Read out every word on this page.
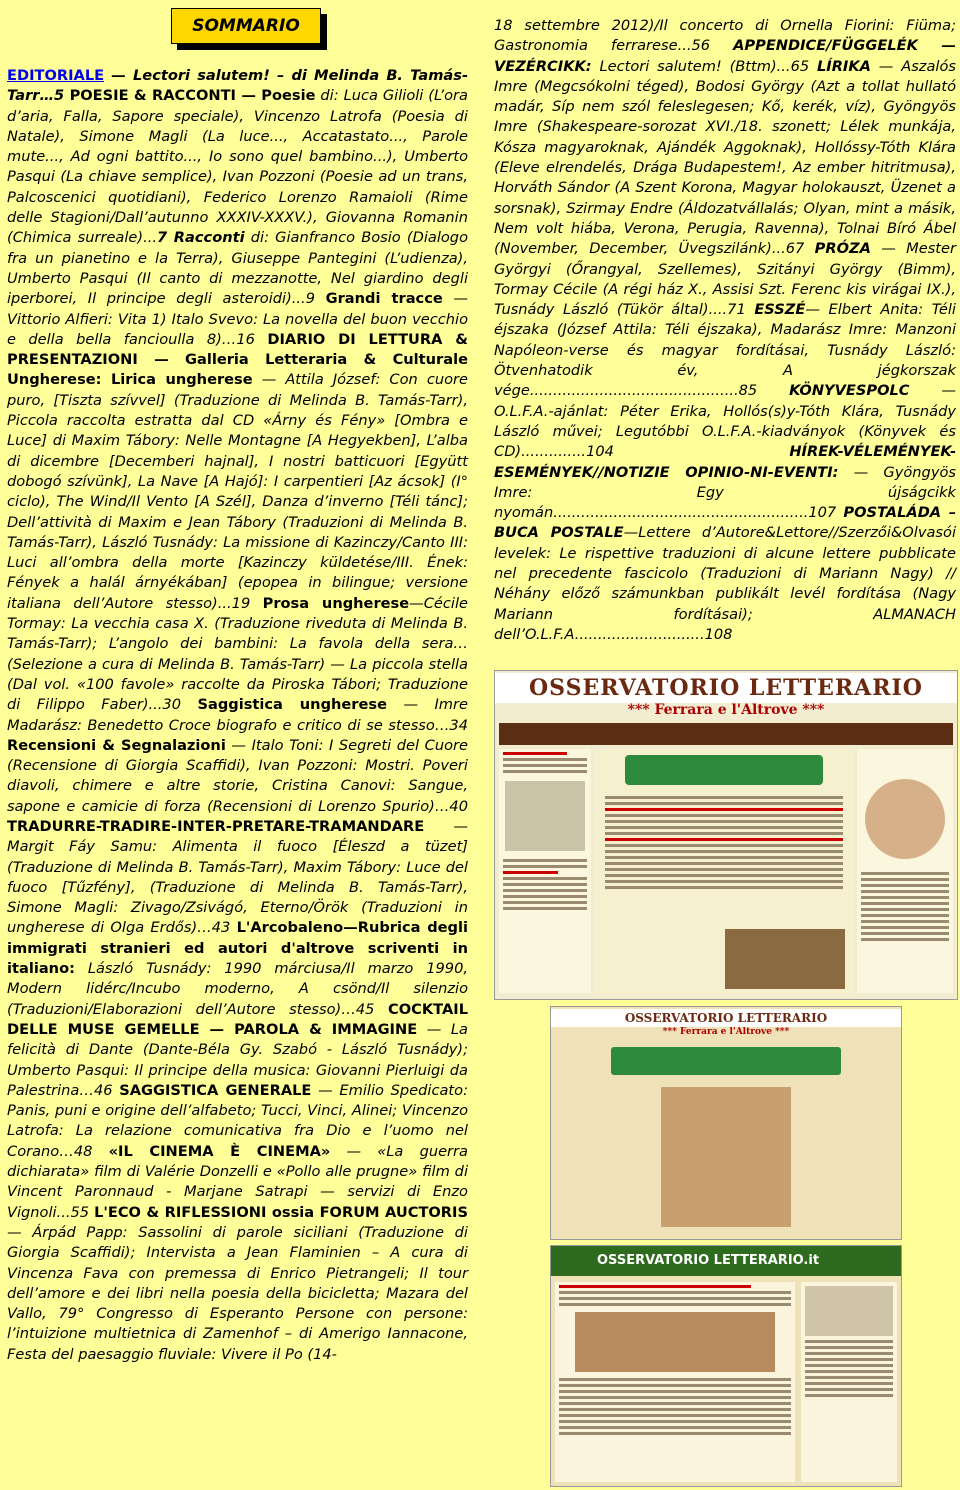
SOMMARIO
EDITORIALE — Lectori salutem! – di Melinda B. Tamás-Tarr…5 POESIE & RACCONTI — Poesie di: Luca Gilioli (L’ora d’aria, Falla, Sapore speciale), Vincenzo Latrofa (Poesia di Natale), Simone Magli (La luce..., Accatastato..., Parole mute..., Ad ogni battito..., Io sono quel bambino...), Umberto Pasqui (La chiave semplice), Ivan Pozzoni (Poesie ad un trans, Palcoscenici quotidiani), Federico Lorenzo Ramaioli (Rime delle Stagioni/Dall’autunno XXXIV-XXXV.), Giovanna Romanin (Chimica surreale)...7 Racconti di: Gianfranco Bosio (Dialogo fra un pianetino e la Terra), Giuseppe Pantegini (L’udienza), Umberto Pasqui (Il canto di mezzanotte, Nel giardino degli iperborei, Il principe degli asteroidi)...9 Grandi tracce — Vittorio Alfieri: Vita 1) Italo Svevo: La novella del buon vecchio e della bella fancioulla 8)…16 DIARIO DI LETTURA & PRESENTAZIONI — Galleria Letteraria & Culturale Ungherese: Lirica ungherese — Attila József: Con cuore puro, [Tiszta szívvel] (Traduzione di Melinda B. Tamás-Tarr), Piccola raccolta estratta dal CD «Árny és Fény» [Ombra e Luce] di Maxim Tábory: Nelle Montagne [A Hegyekben], L’alba di dicembre [Decemberi hajnal], I nostri batticuori [Együtt dobogó szívünk], La Nave [A Hajó]: I carpentieri [Az ácsok] (I° ciclo), The Wind/Il Vento [A Szél], Danza d’inverno [Téli tánc]; Dell’attività di Maxim e Jean Tábory (Traduzioni di Melinda B. Tamás-Tarr), László Tusnády: La missione di Kazinczy/Canto III: Luci all’ombra della morte [Kazinczy küldetése/III. Ének: Fények a halál árnyékában] (epopea in bilingue; versione italiana dell’Autore stesso)...19 Prosa ungherese—Cécile Tormay: La vecchia casa X. (Traduzione riveduta di Melinda B. Tamás-Tarr); L’angolo dei bambini: La favola della sera…(Selezione a cura di Melinda B. Tamás-Tarr) — La piccola stella (Dal vol. «100 favole» raccolte da Piroska Tábori; Traduzione di Filippo Faber)...30 Saggistica ungherese — Imre Madarász: Benedetto Croce biografo e critico di se stesso…34 Recensioni & Segnalazioni — Italo Toni: I Segreti del Cuore (Recensione di Giorgia Scaffidi), Ivan Pozzoni: Mostri. Poveri diavoli, chimere e altre storie, Cristina Canovi: Sangue, sapone e camicie di forza (Recensioni di Lorenzo Spurio)…40 TRADURRE-TRADIRE-INTER-PRETARE-TRAMANDARE — Margit Fáy Samu: Alimenta il fuoco [Éleszd a tüzet] (Traduzione di Melinda B. Tamás-Tarr), Maxim Tábory: Luce del fuoco [Tűzfény], (Traduzione di Melinda B. Tamás-Tarr), Simone Magli: Zivago/Zsivágó, Eterno/Örök (Traduzioni in ungherese di Olga Erdős)…43 L'Arcobaleno—Rubrica degli immigrati stranieri ed autori d'altrove scriventi in italiano: László Tusnády: 1990 márciusa/Il marzo 1990, Modern lidérc/Incubo moderno, A csönd/Il silenzio (Traduzioni/Elaborazioni dell’Autore stesso)…45 COCKTAIL DELLE MUSE GEMELLE — PAROLA & IMMAGINE — La felicità di Dante (Dante-Béla Gy. Szabó - László Tusnády); Umberto Pasqui: Il principe della musica: Giovanni Pierluigi da Palestrina…46 SAGGISTICA GENERALE — Emilio Spedicato: Panis, puni e origine dell’alfabeto; Tucci, Vinci, Alinei; Vincenzo Latrofa: La relazione comunicativa fra Dio e l’uomo nel Corano…48 «IL CINEMA È CINEMA» — «La guerra dichiarata» film di Valérie Donzelli e «Pollo alle prugne» film di Vincent Paronnaud - Marjane Satrapi — servizi di Enzo Vignoli...55 L'ECO & RIFLESSIONI ossia FORUM AUCTORIS — Árpád Papp: Sassolini di parole siciliani (Traduzione di Giorgia Scaffidi); Intervista a Jean Flaminien – A cura di Vincenza Fava con premessa di Enrico Pietrangeli; Il tour dell’amore e dei libri nella poesia della bicicletta; Mazara del Vallo, 79° Congresso di Esperanto Persone con persone: l’intuizione multietnica di Zamenhof – di Amerigo Iannacone, Festa del paesaggio fluviale: Vivere il Po (14-
18 settembre 2012)/Il concerto di Ornella Fiorini: Fiüma; Gastronomia ferrarese...56 APPENDICE/FÜGGELÉK — VEZÉRCIKK: Lectori salutem! (Bttm)...65 LÍRIKA — Aszalós Imre (Megcsókolni téged), Bodosi György (Azt a tollat hullató madár, Síp nem szól feleslegesen; Kő, kerék, víz), Gyöngyös Imre (Shakespeare-sorozat XVI./18. szonett; Lélek munkája, Kósza magyaroknak, Ajándék Aggoknak), Hollóssy-Tóth Klára (Eleve elrendelés, Drága Budapestem!, Az ember hitritmusa), Horváth Sándor (A Szent Korona, Magyar holokauszt, Üzenet a sorsnak), Szirmay Endre (Áldozatvállalás; Olyan, mint a másik, Nem volt hiába, Verona, Perugia, Ravenna), Tolnai Bíró Ábel (November, December, Üvegszilánk)...67 PRÓZA — Mester Györgyi (Őrangyal, Szellemes), Szitányi György (Bimm), Tormay Cécile (A régi ház X., Assisi Szt. Ferenc kis virágai IX.), Tusnády László (Tükör által)....71 ESSZÉ— Elbert Anita: Téli éjszaka (József Attila: Téli éjszaka), Madarász Imre: Manzoni Napóleon-verse és magyar fordításai, Tusnády László: Ötvenhatodik év, A jégkorszak vége.............................................85 KÖNYVESPOLC — O.L.F.A.-ajánlat: Péter Erika, Hollós(s)y-Tóth Klára, Tusnády László művei; Legutóbbi O.L.F.A.-kiadványok (Könyvek és CD)..............104 HÍREK-VÉLEMÉNYEK-ESEMÉNYEK//NOTIZIE OPINIO-NI-EVENTI: — Gyöngyös Imre: Egy újságcikk nyomán.......................................................107 POSTALÁDA – BUCA POSTALE—Lettere d’Autore&Lettore//Szerzői&Olvasói levelek: Le rispettive traduzioni di alcune lettere pubblicate nel precedente fascicolo (Traduzioni di Mariann Nagy) // Néhány előző számunkban publikált levél fordítása (Nagy Mariann fordításai); ALMANACH dell’O.L.F.A............................108
OSSERVATORIO LETTERARIO
*** Ferrara e l'Altrove ***
OSSERVATORIO LETTERARIO
*** Ferrara e l'Altrove ***
OSSERVATORIO LETTERARIO.it
